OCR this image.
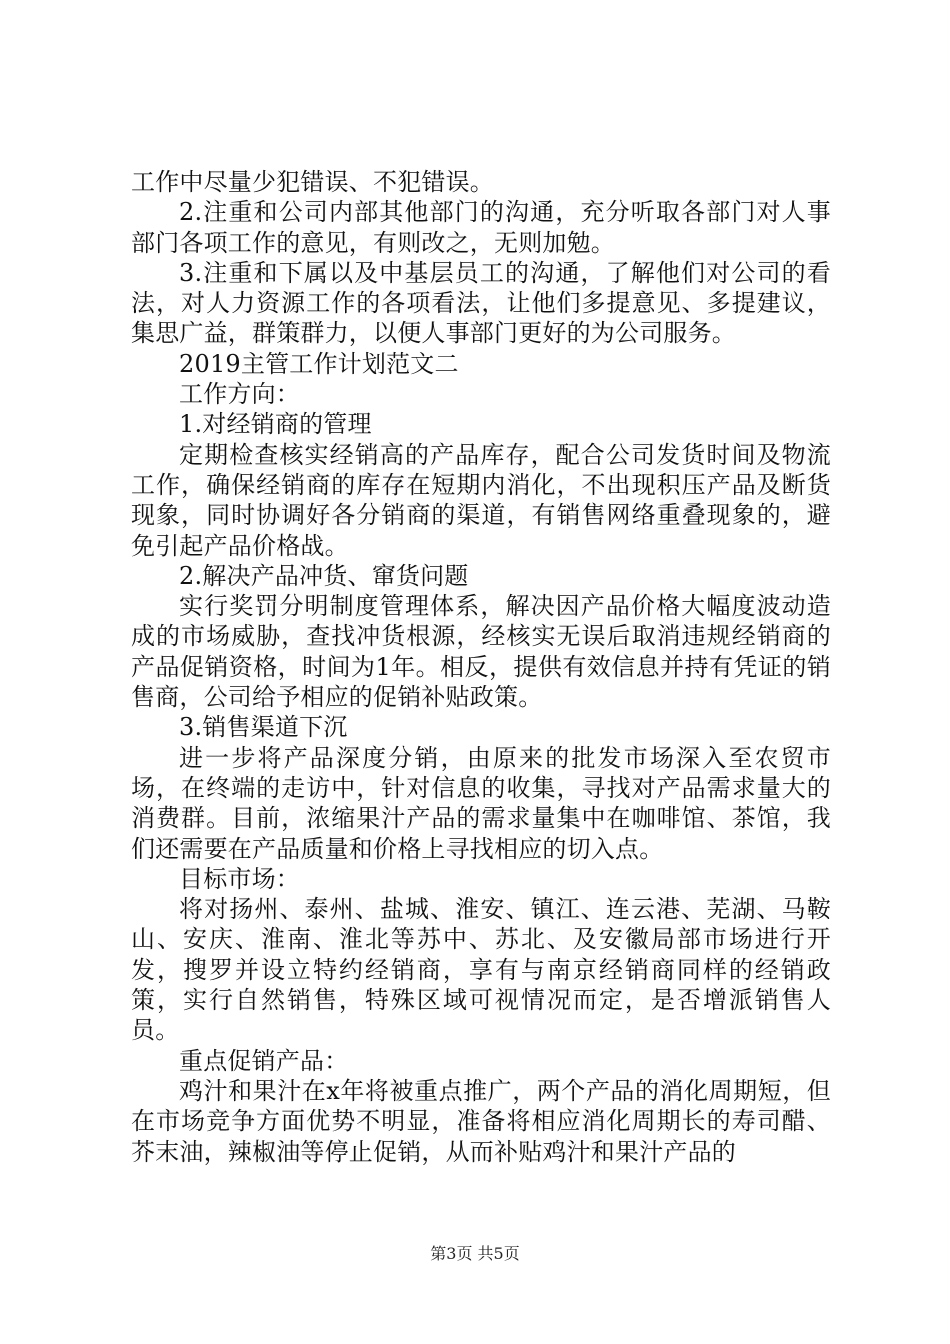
工作中尽量少犯错误、不犯错误。

2.注重和公司内部其他部门的沟通，充分听取各部门对人事部门各项工作的意见，有则改之，无则加勉。

3.注重和下属以及中基层员工的沟通，了解他们对公司的看法，对人力资源工作的各项看法，让他们多提意见、多提建议，集思广益，群策群力，以便人事部门更好的为公司服务。

2019主管工作计划范文二

工作方向：

1.对经销商的管理

定期检查核实经销高的产品库存，配合公司发货时间及物流工作，确保经销商的库存在短期内消化，不出现积压产品及断货现象，同时协调好各分销商的渠道，有销售网络重叠现象的，避免引起产品价格战。

2.解决产品冲货、窜货问题

实行奖罚分明制度管理体系，解决因产品价格大幅度波动造成的市场威胁，查找冲货根源，经核实无误后取消违规经销商的产品促销资格，时间为1年。相反，提供有效信息并持有凭证的销售商，公司给予相应的促销补贴政策。

3.销售渠道下沉

进一步将产品深度分销，由原来的批发市场深入至农贸市场，在终端的走访中，针对信息的收集，寻找对产品需求量大的消费群。目前，浓缩果汁产品的需求量集中在咖啡馆、茶馆，我们还需要在产品质量和价格上寻找相应的切入点。

目标市场：

将对扬州、泰州、盐城、淮安、镇江、连云港、芜湖、马鞍山、安庆、淮南、淮北等苏中、苏北、及安徽局部市场进行开发，搜罗并设立特约经销商，享有与南京经销商同样的经销政策，实行自然销售，特殊区域可视情况而定，是否增派销售人员。

重点促销产品：

鸡汁和果汁在x年将被重点推广，两个产品的消化周期短，但在市场竞争方面优势不明显，准备将相应消化周期长的寿司醋、芥末油，辣椒油等停止促销，从而补贴鸡汁和果汁产品的

第3页 共5页
